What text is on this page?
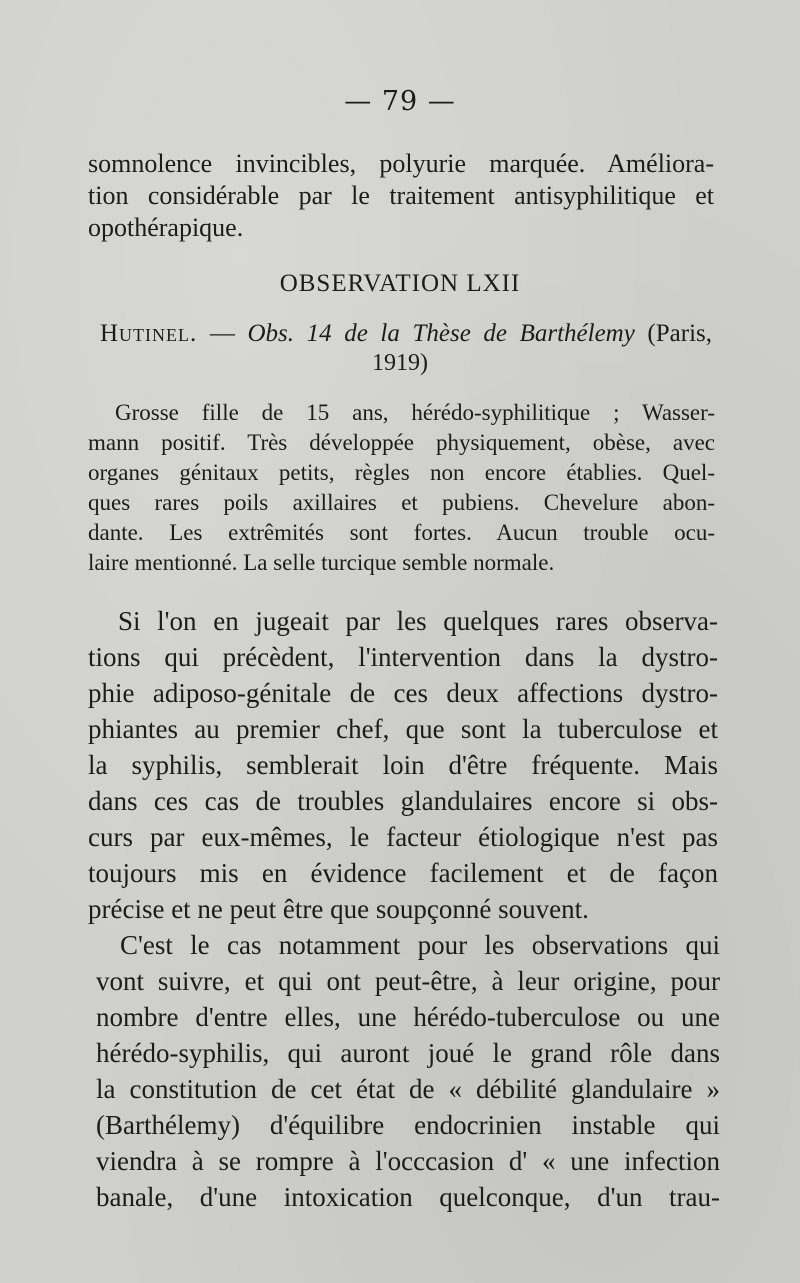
— 79 —
somnolence invincibles, polyurie marquée. Améliora-
tion considérable par le traitement antisyphilitique et
opothérapique.
OBSERVATION LXII
Hutinel. — Obs. 14 de la Thèse de Barthélemy (Paris,
1919)
Grosse fille de 15 ans, hérédo-syphilitique ; Wasser-
mann positif. Très développée physiquement, obèse, avec
organes génitaux petits, règles non encore établies. Quel-
ques rares poils axillaires et pubiens. Chevelure abon-
dante. Les extrêmités sont fortes. Aucun trouble ocu-
laire mentionné. La selle turcique semble normale.
Si l'on en jugeait par les quelques rares observa-
tions qui précèdent, l'intervention dans la dystro-
phie adiposo-génitale de ces deux affections dystro-
phiantes au premier chef, que sont la tuberculose et
la syphilis, semblerait loin d'être fréquente. Mais
dans ces cas de troubles glandulaires encore si obs-
curs par eux-mêmes, le facteur étiologique n'est pas
toujours mis en évidence facilement et de façon
précise et ne peut être que soupçonné souvent.
C'est le cas notamment pour les observations qui
vont suivre, et qui ont peut-être, à leur origine, pour
nombre d'entre elles, une hérédo-tuberculose ou une
hérédo-syphilis, qui auront joué le grand rôle dans
la constitution de cet état de « débilité glandulaire »
(Barthélemy) d'équilibre endocrinien instable qui
viendra à se rompre à l'occcasion d' « une infection
banale, d'une intoxication quelconque, d'un trau-
